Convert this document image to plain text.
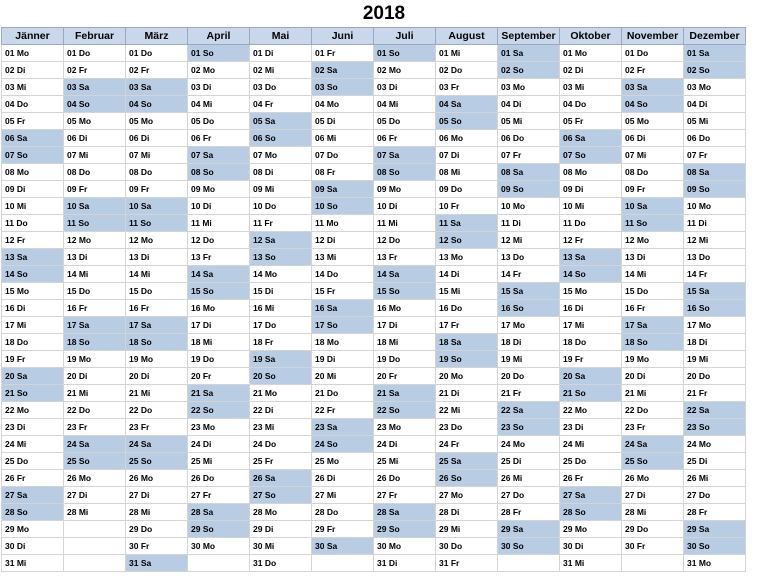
2018
Jänner	Februar	März	April	Mai	Juni	Juli	August	September	Oktober	November	Dezember
01 Mo	01 Do	01 Do	01 So	01 Di	01 Fr	01 So	01 Mi	01 Sa	01 Mo	01 Do	01 Sa
02 Di	02 Fr	02 Fr	02 Mo	02 Mi	02 Sa	02 Mo	02 Do	02 So	02 Di	02 Fr	02 So
03 Mi	03 Sa	03 Sa	03 Di	03 Do	03 So	03 Di	03 Fr	03 Mo	03 Mi	03 Sa	03 Mo
04 Do	04 So	04 So	04 Mi	04 Fr	04 Mo	04 Mi	04 Sa	04 Di	04 Do	04 So	04 Di
05 Fr	05 Mo	05 Mo	05 Do	05 Sa	05 Di	05 Do	05 So	05 Mi	05 Fr	05 Mo	05 Mi
06 Sa	06 Di	06 Di	06 Fr	06 So	06 Mi	06 Fr	06 Mo	06 Do	06 Sa	06 Di	06 Do
07 So	07 Mi	07 Mi	07 Sa	07 Mo	07 Do	07 Sa	07 Di	07 Fr	07 So	07 Mi	07 Fr
08 Mo	08 Do	08 Do	08 So	08 Di	08 Fr	08 So	08 Mi	08 Sa	08 Mo	08 Do	08 Sa
09 Di	09 Fr	09 Fr	09 Mo	09 Mi	09 Sa	09 Mo	09 Do	09 So	09 Di	09 Fr	09 So
10 Mi	10 Sa	10 Sa	10 Di	10 Do	10 So	10 Di	10 Fr	10 Mo	10 Mi	10 Sa	10 Mo
11 Do	11 So	11 So	11 Mi	11 Fr	11 Mo	11 Mi	11 Sa	11 Di	11 Do	11 So	11 Di
12 Fr	12 Mo	12 Mo	12 Do	12 Sa	12 Di	12 Do	12 So	12 Mi	12 Fr	12 Mo	12 Mi
13 Sa	13 Di	13 Di	13 Fr	13 So	13 Mi	13 Fr	13 Mo	13 Do	13 Sa	13 Di	13 Do
14 So	14 Mi	14 Mi	14 Sa	14 Mo	14 Do	14 Sa	14 Di	14 Fr	14 So	14 Mi	14 Fr
15 Mo	15 Do	15 Do	15 So	15 Di	15 Fr	15 So	15 Mi	15 Sa	15 Mo	15 Do	15 Sa
16 Di	16 Fr	16 Fr	16 Mo	16 Mi	16 Sa	16 Mo	16 Do	16 So	16 Di	16 Fr	16 So
17 Mi	17 Sa	17 Sa	17 Di	17 Do	17 So	17 Di	17 Fr	17 Mo	17 Mi	17 Sa	17 Mo
18 Do	18 So	18 So	18 Mi	18 Fr	18 Mo	18 Mi	18 Sa	18 Di	18 Do	18 So	18 Di
19 Fr	19 Mo	19 Mo	19 Do	19 Sa	19 Di	19 Do	19 So	19 Mi	19 Fr	19 Mo	19 Mi
20 Sa	20 Di	20 Di	20 Fr	20 So	20 Mi	20 Fr	20 Mo	20 Do	20 Sa	20 Di	20 Do
21 So	21 Mi	21 Mi	21 Sa	21 Mo	21 Do	21 Sa	21 Di	21 Fr	21 So	21 Mi	21 Fr
22 Mo	22 Do	22 Do	22 So	22 Di	22 Fr	22 So	22 Mi	22 Sa	22 Mo	22 Do	22 Sa
23 Di	23 Fr	23 Fr	23 Mo	23 Mi	23 Sa	23 Mo	23 Do	23 So	23 Di	23 Fr	23 So
24 Mi	24 Sa	24 Sa	24 Di	24 Do	24 So	24 Di	24 Fr	24 Mo	24 Mi	24 Sa	24 Mo
25 Do	25 So	25 So	25 Mi	25 Fr	25 Mo	25 Mi	25 Sa	25 Di	25 Do	25 So	25 Di
26 Fr	26 Mo	26 Mo	26 Do	26 Sa	26 Di	26 Do	26 So	26 Mi	26 Fr	26 Mo	26 Mi
27 Sa	27 Di	27 Di	27 Fr	27 So	27 Mi	27 Fr	27 Mo	27 Do	27 Sa	27 Di	27 Do
28 So	28 Mi	28 Mi	28 Sa	28 Mo	28 Do	28 Sa	28 Di	28 Fr	28 So	28 Mi	28 Fr
29 Mo		29 Do	29 So	29 Di	29 Fr	29 So	29 Mi	29 Sa	29 Mo	29 Do	29 Sa
30 Di		30 Fr	30 Mo	30 Mi	30 Sa	30 Mo	30 Do	30 So	30 Di	30 Fr	30 So
31 Mi		31 Sa		31 Do		31 Di	31 Fr		31 Mi		31 Mo
